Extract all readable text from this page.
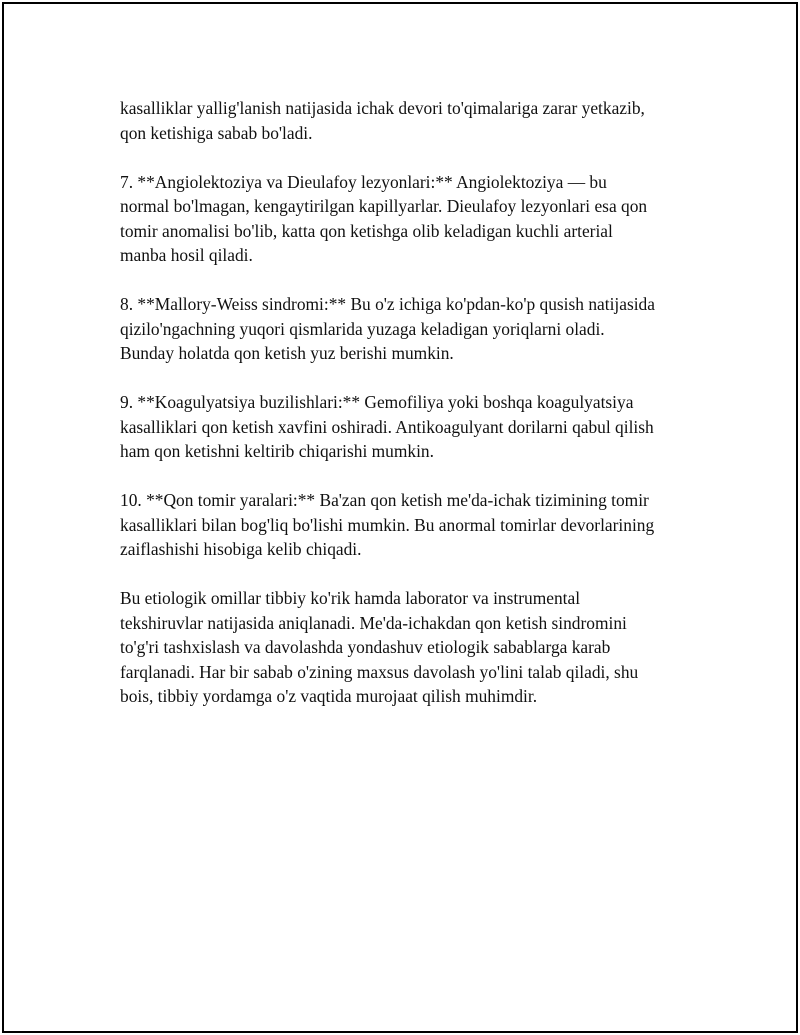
kasalliklar yallig'lanish natijasida ichak devori to'qimalariga zarar yetkazib,
qon ketishiga sabab bo'ladi.

7. **Angiolektoziya va Dieulafoy lezyonlari:** Angiolektoziya — bu
normal bo'lmagan, kengaytirilgan kapillyarlar. Dieulafoy lezyonlari esa qon
tomir anomalisi bo'lib, katta qon ketishga olib keladigan kuchli arterial
manba hosil qiladi.

8. **Mallory-Weiss sindromi:** Bu o'z ichiga ko'pdan-ko'p qusish natijasida
qizilo'ngachning yuqori qismlarida yuzaga keladigan yoriqlarni oladi.
Bunday holatda qon ketish yuz berishi mumkin.

9. **Koagulyatsiya buzilishlari:** Gemofiliya yoki boshqa koagulyatsiya
kasalliklari qon ketish xavfini oshiradi. Antikoagulyant dorilarni qabul qilish
ham qon ketishni keltirib chiqarishi mumkin.

10. **Qon tomir yaralari:** Ba'zan qon ketish me'da-ichak tizimining tomir
kasalliklari bilan bog'liq bo'lishi mumkin. Bu anormal tomirlar devorlarining
zaiflashishi hisobiga kelib chiqadi.

Bu etiologik omillar tibbiy ko'rik hamda laborator va instrumental
tekshiruvlar natijasida aniqlanadi. Me'da-ichakdan qon ketish sindromini
to'g'ri tashxislash va davolashda yondashuv etiologik sabablarga karab
farqlanadi. Har bir sabab o'zining maxsus davolash yo'lini talab qiladi, shu
bois, tibbiy yordamga o'z vaqtida murojaat qilish muhimdir.
